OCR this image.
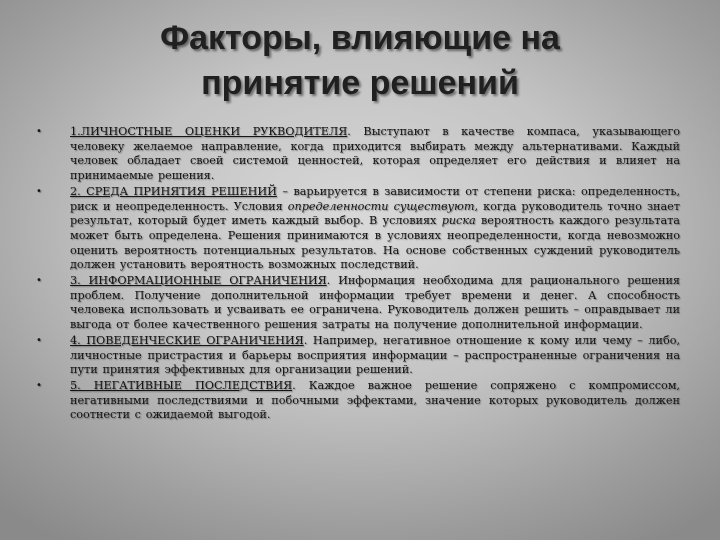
Факторы, влияющие на
принятие решений
•	1.ЛИЧНОСТНЫЕ ОЦЕНКИ РУКВОДИТЕЛЯ. Выступают в качестве компаса, указывающего человеку желаемое направление, когда приходится выбирать между альтернативами. Каждый человек обладает своей системой ценностей, которая определяет его действия и влияет на принимаемые решения.
•	2. СРЕДА ПРИНЯТИЯ РЕШЕНИЙ – варьируется в зависимости от степени риска: определенность, риск и неопределенность. Условия определенности существуют, когда руководитель точно знает результат, который будет иметь каждый выбор. В условиях риска вероятность каждого результата может быть определена. Решения принимаются в условиях неопределенности, когда невозможно оценить вероятность потенциальных результатов. На основе собственных суждений руководитель должен установить вероятность возможных последствий.
•	3. ИНФОРМАЦИОННЫЕ ОГРАНИЧЕНИЯ. Информация необходима для рационального решения проблем. Получение дополнительной информации требует времени и денег. А способность человека использовать и усваивать ее ограничена. Руководитель должен решить – оправдывает ли выгода от более качественного решения затраты на получение дополнительной информации.
•	4. ПОВЕДЕНЧЕСКИЕ ОГРАНИЧЕНИЯ. Например, негативное отношение к кому или чему – либо, личностные пристрастия и барьеры восприятия информации – распространенные ограничения на пути принятия эффективных для организации решений.
•	5. НЕГАТИВНЫЕ ПОСЛЕДСТВИЯ. Каждое важное решение сопряжено с компромиссом, негативными последствиями и побочными эффектами, значение которых руководитель должен соотнести с ожидаемой выгодой.
